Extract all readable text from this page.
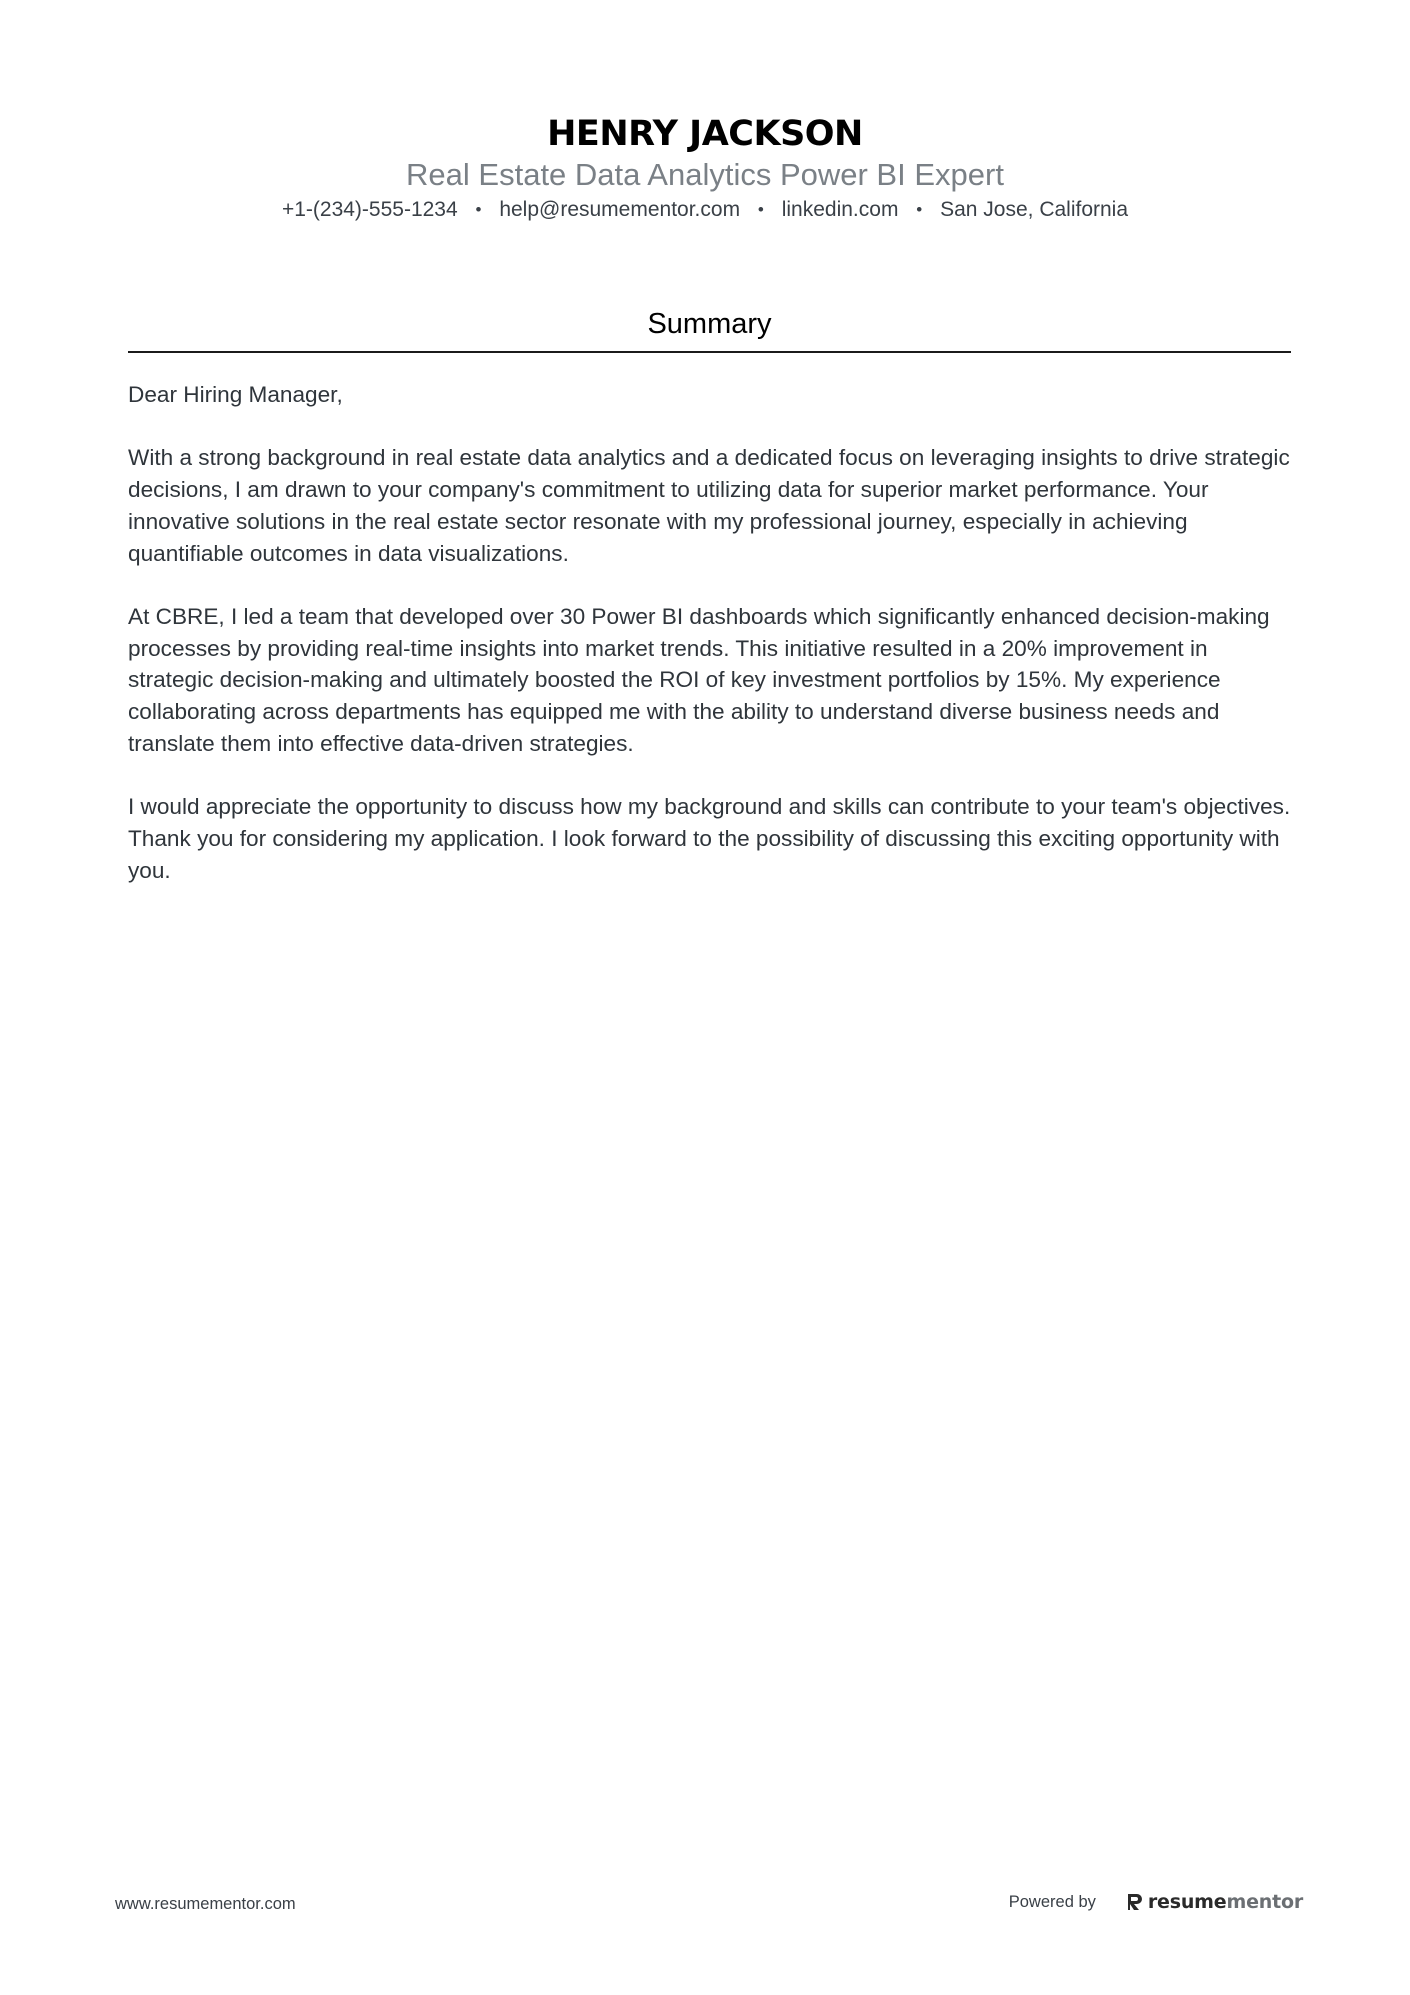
HENRY JACKSON
Real Estate Data Analytics Power BI Expert
+1-(234)-555-1234 • help@resumementor.com • linkedin.com • San Jose, California
Summary

Dear Hiring Manager,

With a strong background in real estate data analytics and a dedicated focus on leveraging insights to drive strategic decisions, I am drawn to your company's commitment to utilizing data for superior market performance. Your innovative solutions in the real estate sector resonate with my professional journey, especially in achieving quantifiable outcomes in data visualizations.

At CBRE, I led a team that developed over 30 Power BI dashboards which significantly enhanced decision-making processes by providing real-time insights into market trends. This initiative resulted in a 20% improvement in strategic decision-making and ultimately boosted the ROI of key investment portfolios by 15%. My experience collaborating across departments has equipped me with the ability to understand diverse business needs and translate them into effective data-driven strategies.

I would appreciate the opportunity to discuss how my background and skills can contribute to your team's objectives. Thank you for considering my application. I look forward to the possibility of discussing this exciting opportunity with you.

www.resumementor.com	Powered by	resume mentor
